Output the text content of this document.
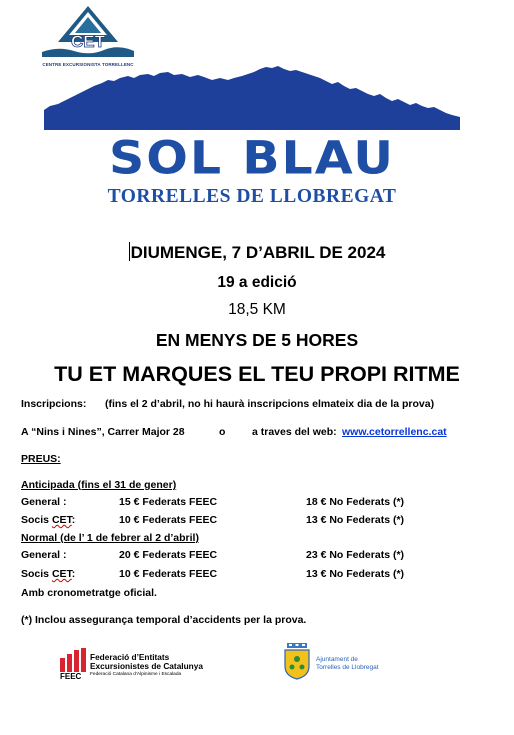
CET
CENTRE EXCURSIONISTA TORRELLENC
SOL BLAU
TORRELLES DE LLOBREGAT
DIUMENGE, 7 D’ABRIL DE 2024
19 a edició
18,5 KM
EN MENYS DE 5 HORES
TU ET MARQUES EL TEU PROPI RITME
Inscripcions: (fins el 2 d’abril, no hi haurà inscripcions elmateix dia de la prova)
A “Nins i Nines”, Carrer Major 28	o	a traves del web: www.cetorrellenc.cat
PREUS:
Anticipada (fins el 31 de gener)
General :	15 € Federats FEEC	18 € No Federats (*)
Socis CET:	10 € Federats FEEC	13 € No Federats (*)
Normal (de l’ 1 de febrer al 2 d’abril)
General :	20 € Federats FEEC	23 € No Federats (*)
Socis CET:	10 € Federats FEEC	13 € No Federats (*)
Amb cronometratge oficial.
(*) Inclou assegurança temporal d’accidents per la prova.
FEEC
Federació d’Entitats
Excursionistes de Catalunya
Federació Catalana d’Alpinisme i Escalada
Ajuntament de
Torrelles de Llobregat
